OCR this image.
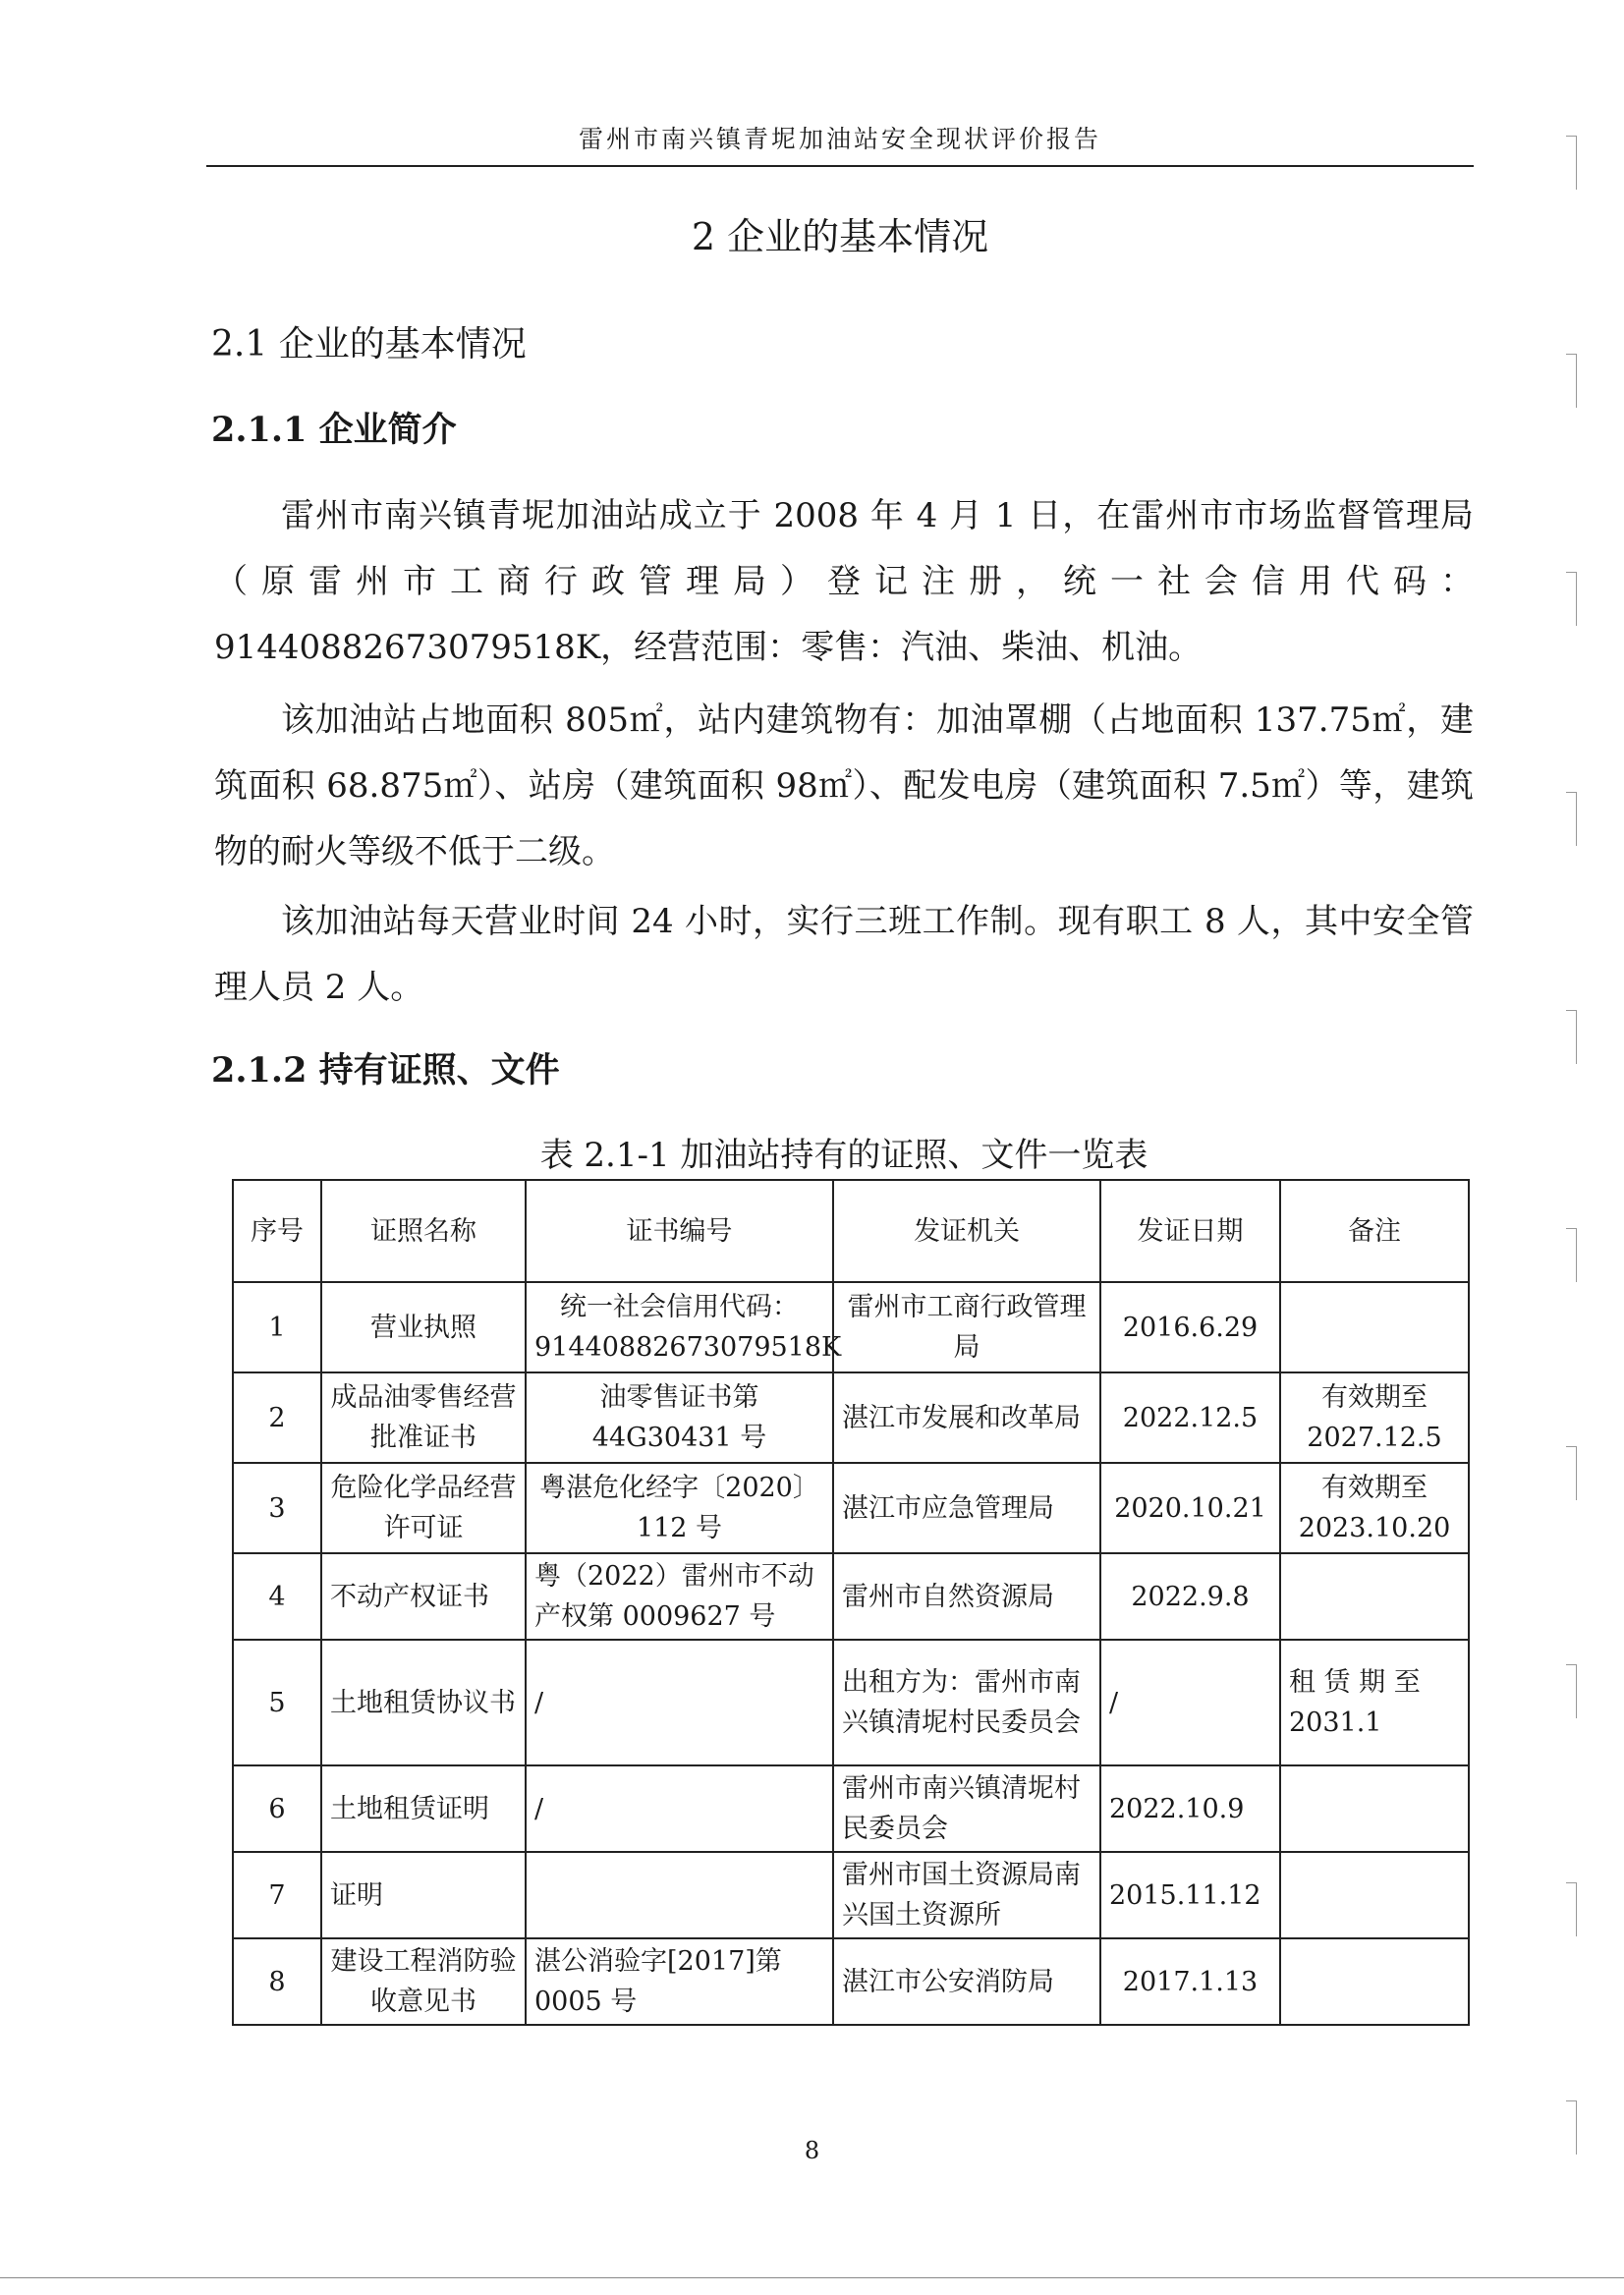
雷州市南兴镇青坭加油站安全现状评价报告
2 企业的基本情况
2.1 企业的基本情况
2.1.1 企业简介
雷州市南兴镇青坭加油站成立于 2008 年 4 月 1 日，在雷州市市场监督管理局（原雷州市工商行政管理局）登记注册，统一社会信用代码：91440882673079518K，经营范围：零售：汽油、柴油、机油。
该加油站占地面积 805㎡，站内建筑物有：加油罩棚（占地面积 137.75㎡，建筑面积 68.875㎡）、站房（建筑面积 98㎡）、配发电房（建筑面积 7.5㎡）等，建筑物的耐火等级不低于二级。
该加油站每天营业时间 24 小时，实行三班工作制。现有职工 8 人，其中安全管理人员 2 人。
2.1.2 持有证照、文件
表 2.1-1 加油站持有的证照、文件一览表
序号	证照名称	证书编号	发证机关	发证日期	备注
1	营业执照	统一社会信用代码：91440882673079518K	雷州市工商行政管理局	2016.6.29	
2	成品油零售经营批准证书	油零售证书第44G30431 号	湛江市发展和改革局	2022.12.5	有效期至2027.12.5
3	危险化学品经营许可证	粤湛危化经字〔2020〕112 号	湛江市应急管理局	2020.10.21	有效期至2023.10.20
4	不动产权证书	粤（2022）雷州市不动产权第 0009627 号	雷州市自然资源局	2022.9.8	
5	土地租赁协议书	/	出租方为：雷州市南兴镇清坭村民委员会	/	租 赁 期 至2031.1
6	土地租赁证明	/	雷州市南兴镇清坭村民委员会	2022.10.9	
7	证明		雷州市国土资源局南兴国土资源所	2015.11.12	
8	建设工程消防验收意见书	湛公消验字[2017]第0005 号	湛江市公安消防局	2017.1.13	
8
